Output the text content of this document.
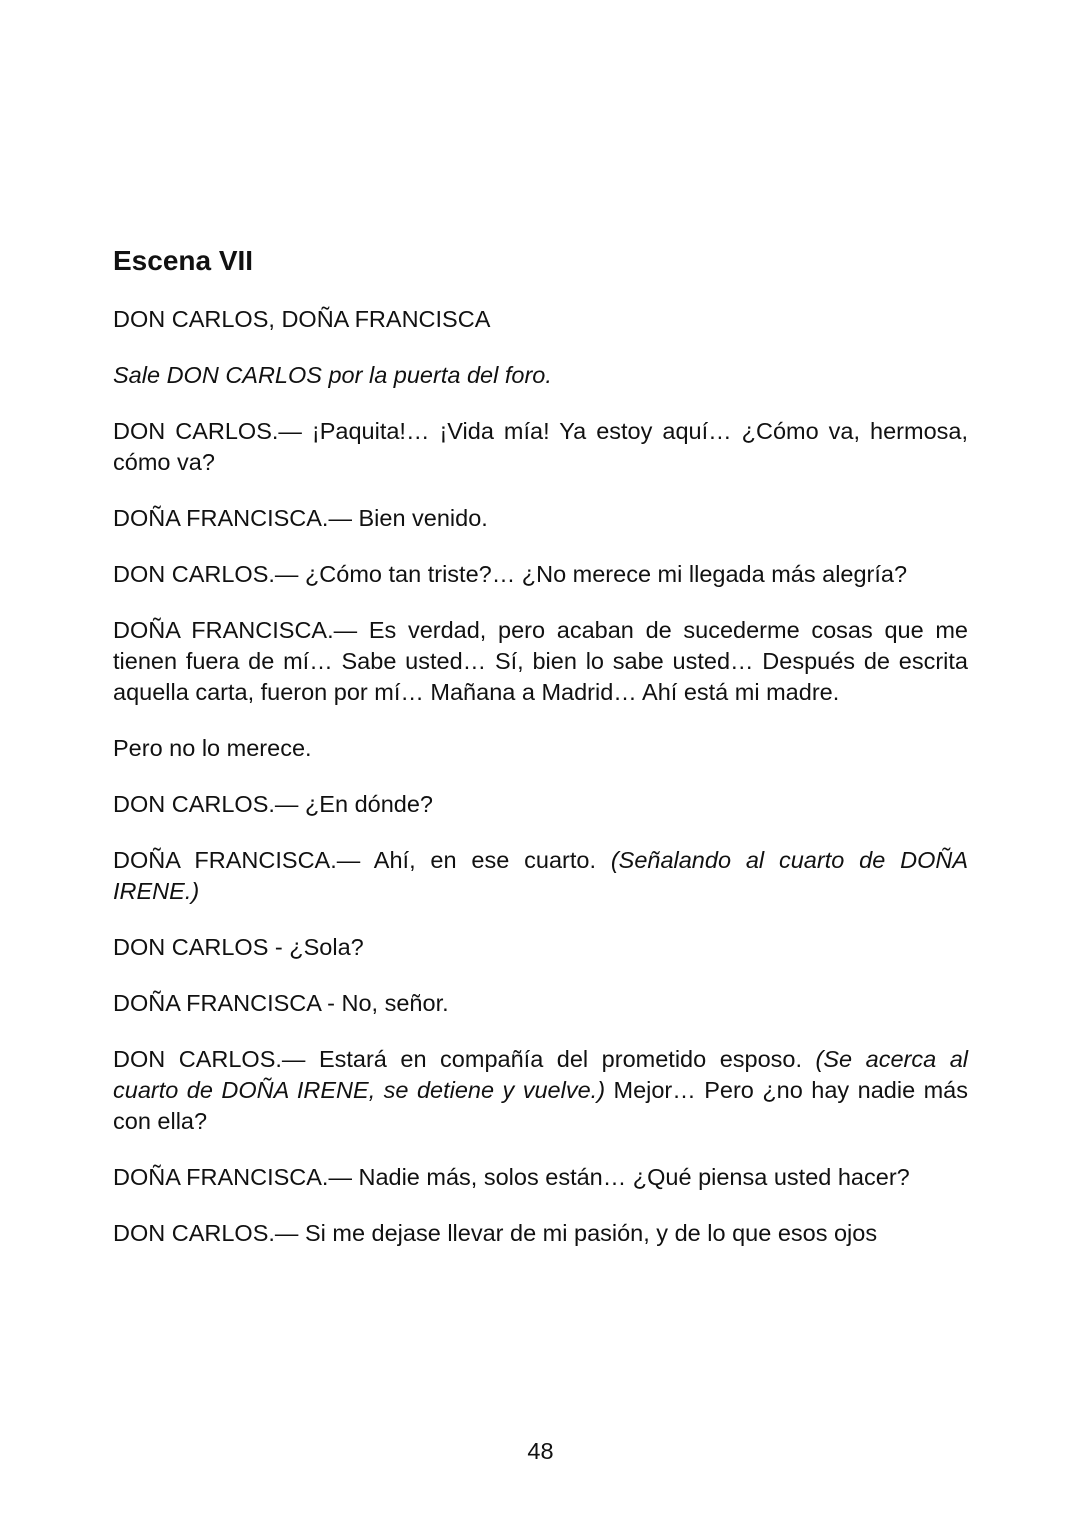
Escena VII

DON CARLOS, DOÑA FRANCISCA

Sale DON CARLOS por la puerta del foro.

DON CARLOS.— ¡Paquita!… ¡Vida mía! Ya estoy aquí… ¿Cómo va, hermosa, cómo va?

DOÑA FRANCISCA.— Bien venido.

DON CARLOS.— ¿Cómo tan triste?… ¿No merece mi llegada más alegría?

DOÑA FRANCISCA.— Es verdad, pero acaban de sucederme cosas que me tienen fuera de mí… Sabe usted… Sí, bien lo sabe usted… Después de escrita aquella carta, fueron por mí… Mañana a Madrid… Ahí está mi madre.

Pero no lo merece.

DON CARLOS.— ¿En dónde?

DOÑA FRANCISCA.— Ahí, en ese cuarto. (Señalando al cuarto de DOÑA IRENE.)

DON CARLOS - ¿Sola?

DOÑA FRANCISCA - No, señor.

DON CARLOS.— Estará en compañía del prometido esposo. (Se acerca al cuarto de DOÑA IRENE, se detiene y vuelve.) Mejor… Pero ¿no hay nadie más con ella?

DOÑA FRANCISCA.— Nadie más, solos están… ¿Qué piensa usted hacer?

DON CARLOS.— Si me dejase llevar de mi pasión, y de lo que esos ojos

48
